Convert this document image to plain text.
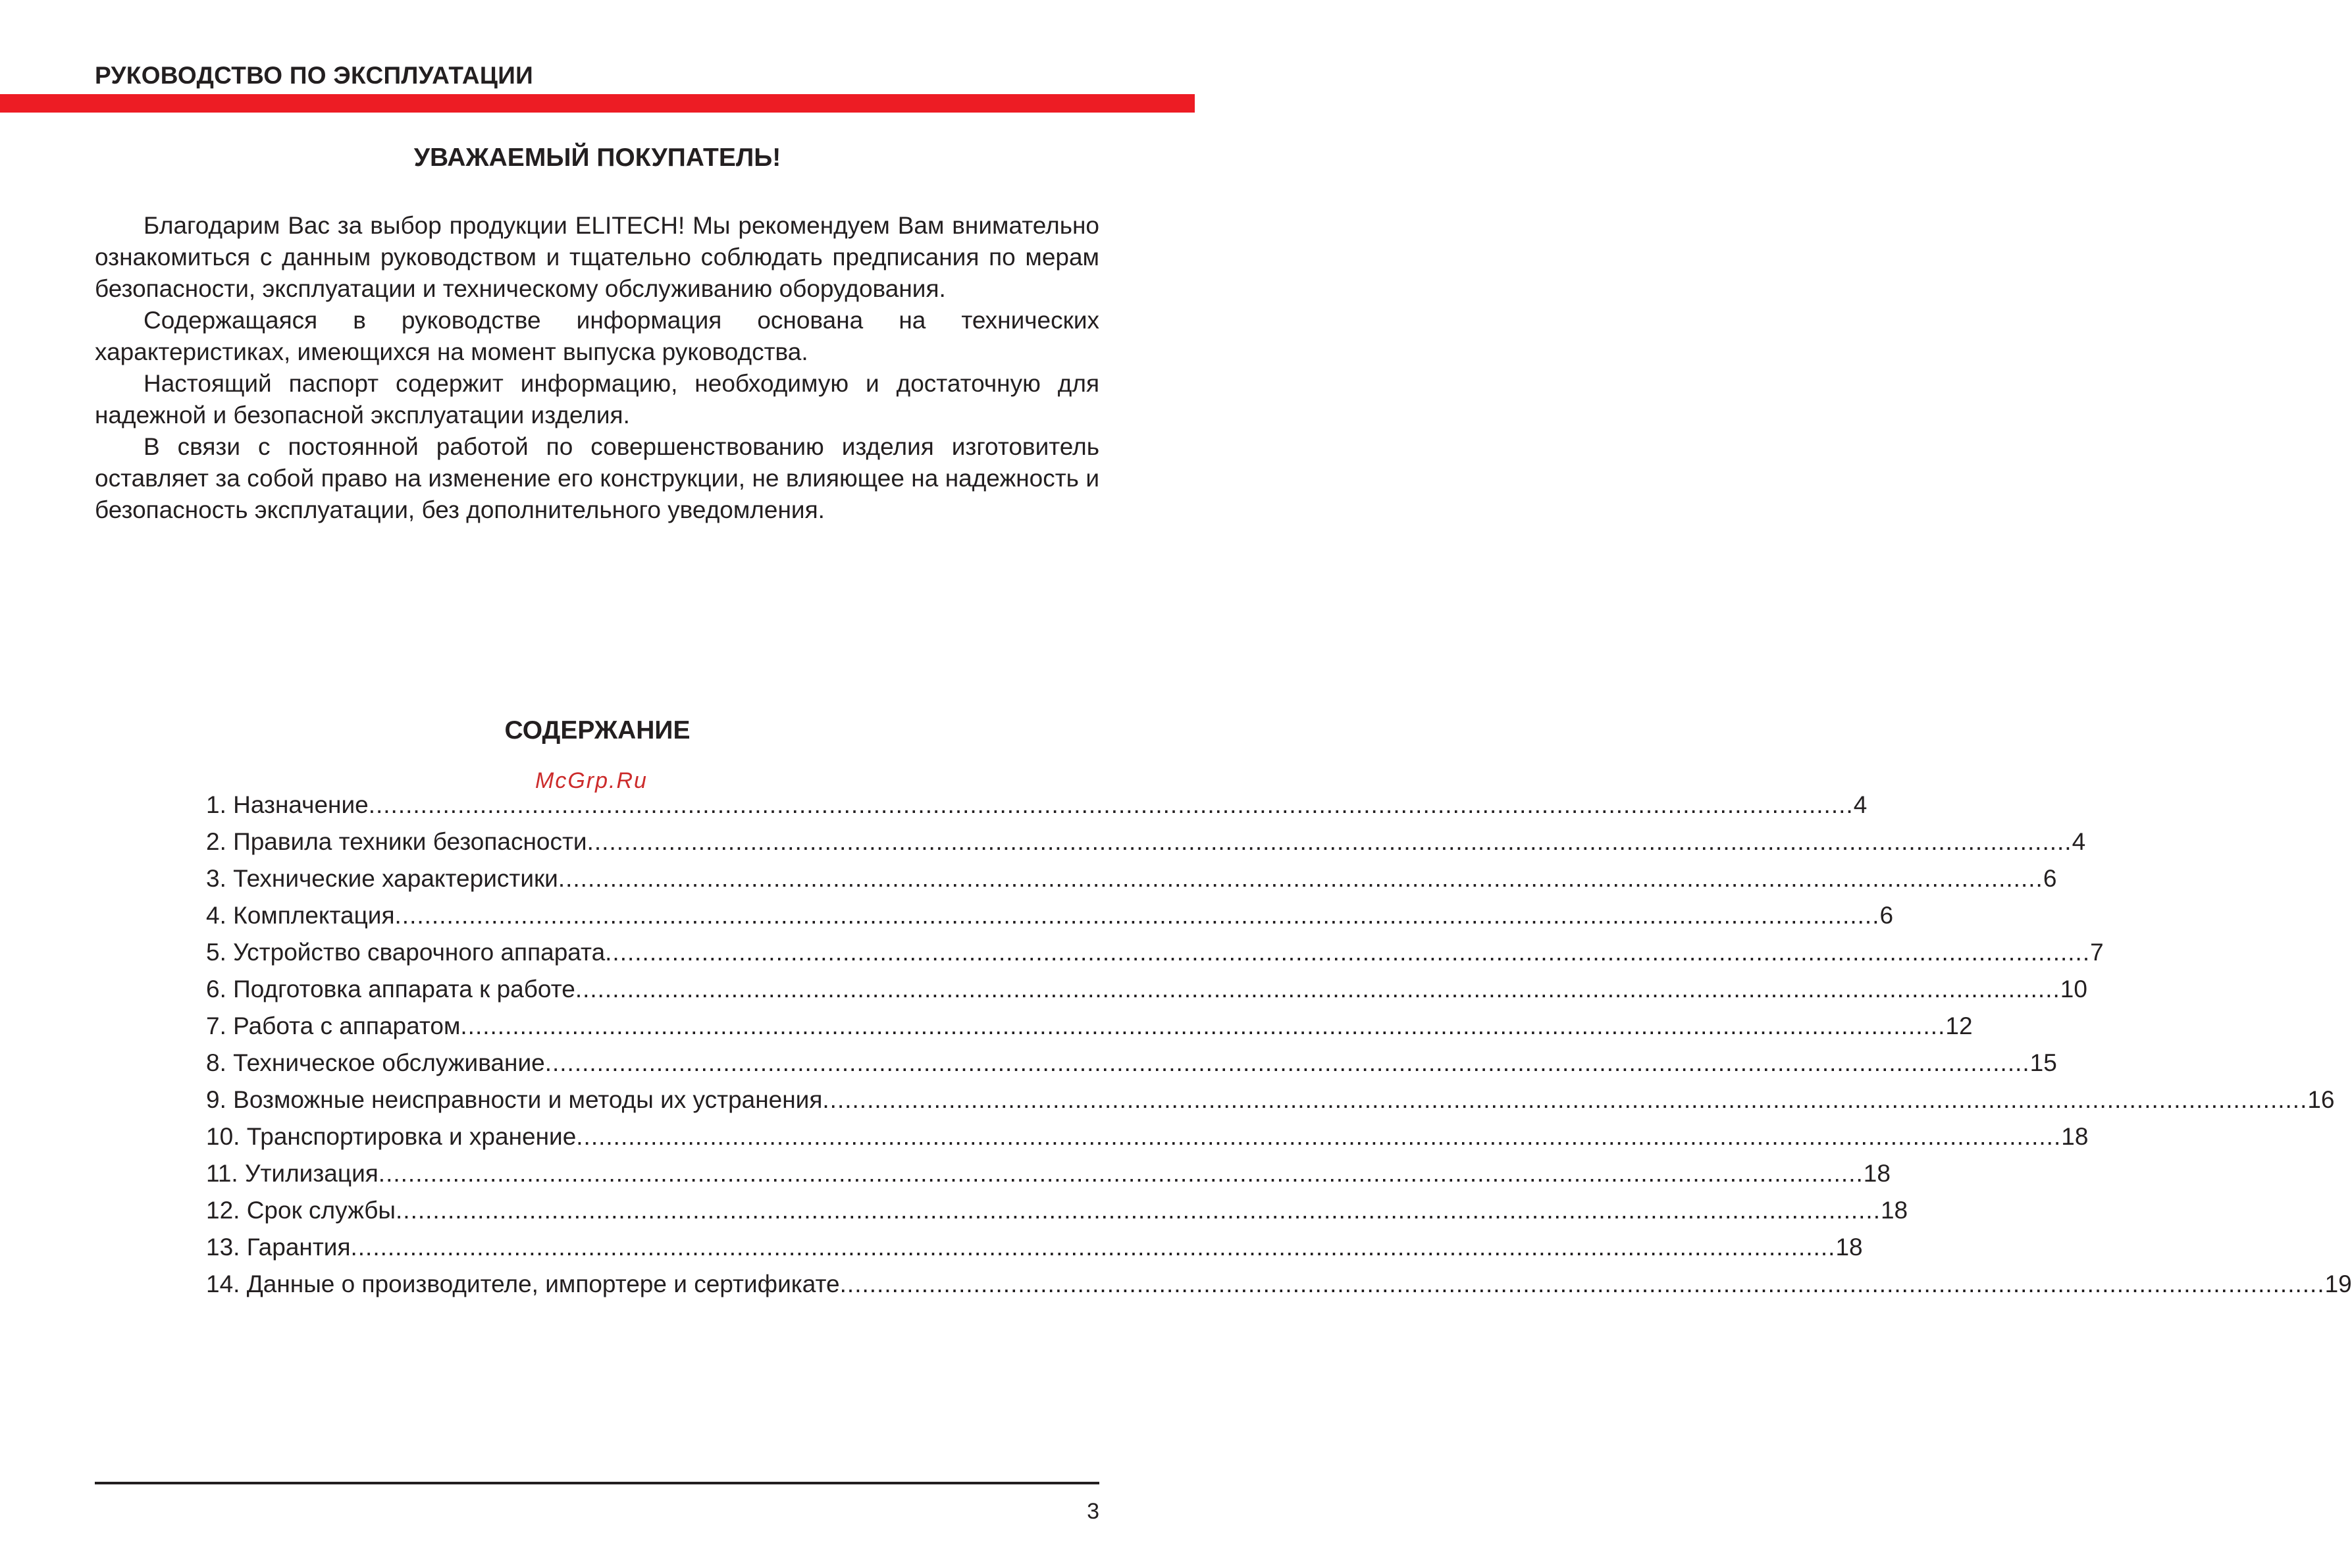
РУКОВОДСТВО ПО ЭКСПЛУАТАЦИИ
УВАЖАЕМЫЙ ПОКУПАТЕЛЬ!

Благодарим Вас за выбор продукции ELITECH! Мы рекомендуем Вам внимательно ознакомиться с данным руководством и тщательно соблюдать предписания по мерам безопасности, эксплуатации и техническому обслуживанию оборудования.

Содержащаяся в руководстве информация основана на технических характеристиках, имеющихся на момент выпуска руководства.

Настоящий паспорт содержит информацию, необходимую и достаточную для надежной и безопасной эксплуатации изделия.

В связи с постоянной работой по совершенствованию изделия изготовитель оставляет за собой право на изменение его конструкции, не влияющее на надежность и безопасность эксплуатации, без дополнительного уведомления.

СОДЕРЖАНИЕ
McGrp.Ru
1. Назначение ........................................................................................................................................................................................................ 4
2. Правила техники безопасности ........................................................................................................................................................................................................ 4
3. Технические характеристики ........................................................................................................................................................................................................ 6
4. Комплектация ........................................................................................................................................................................................................ 6
5. Устройство сварочного аппарата ........................................................................................................................................................................................................ 7
6. Подготовка аппарата к работе ........................................................................................................................................................................................................ 10
7. Работа с аппаратом ........................................................................................................................................................................................................ 12
8. Техническое обслуживание ........................................................................................................................................................................................................ 15
9. Возможные неисправности и методы их устранения ........................................................................................................................................................................................................ 16
10. Транспортировка и хранение ........................................................................................................................................................................................................ 18
11. Утилизация ........................................................................................................................................................................................................ 18
12. Срок службы ........................................................................................................................................................................................................ 18
13. Гарантия ........................................................................................................................................................................................................ 18
14. Данные о производителе, импортере и сертификате ........................................................................................................................................................................................................ 19
3
